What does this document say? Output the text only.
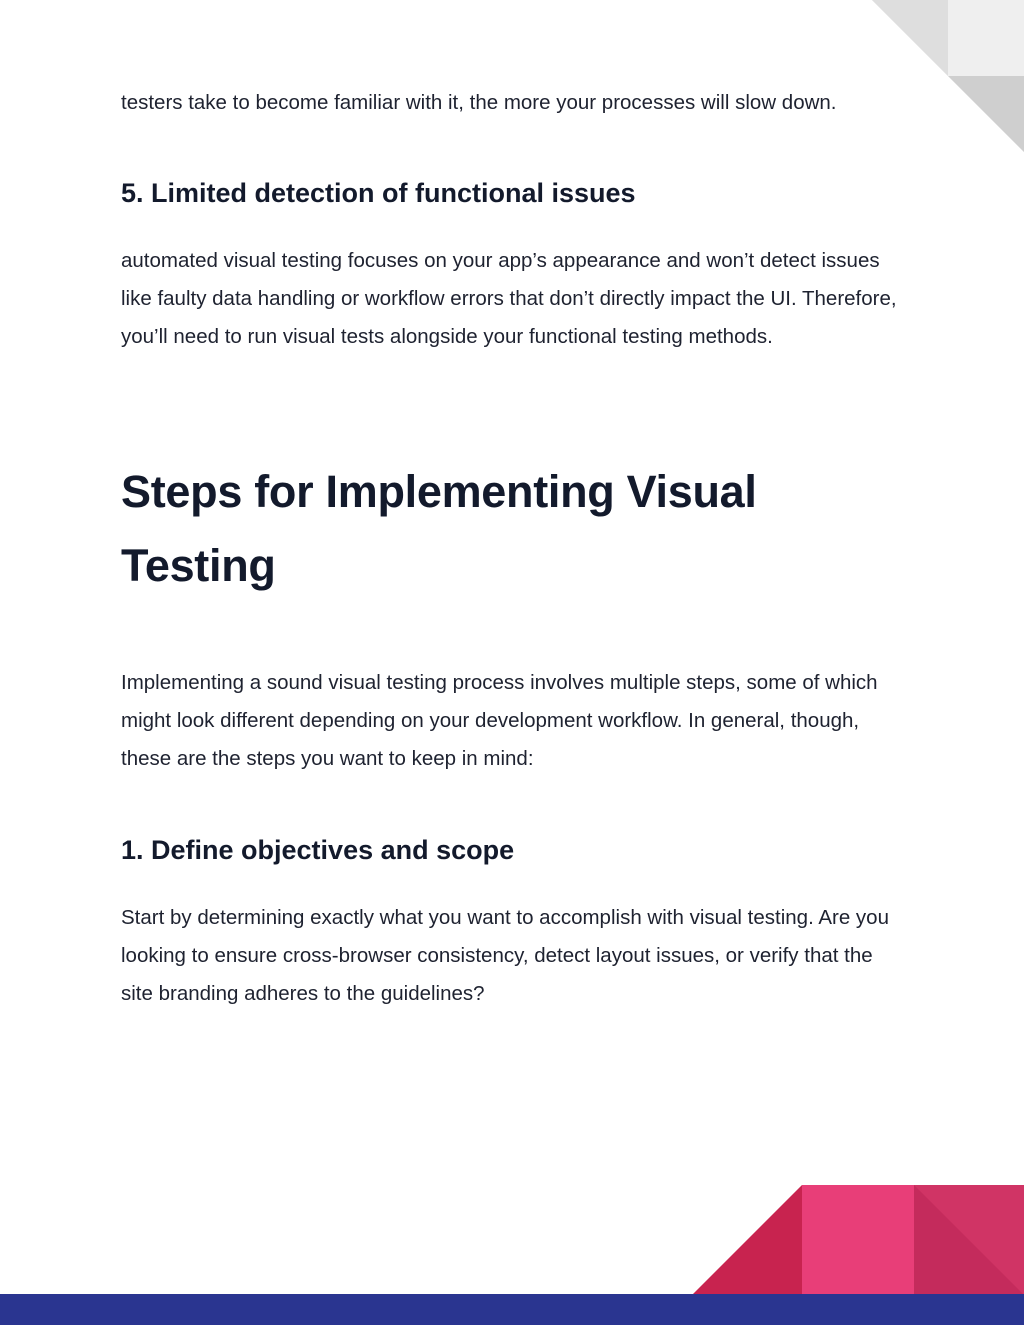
testers take to become familiar with it, the more your processes will slow down.

5. Limited detection of functional issues

automated visual testing focuses on your app’s appearance and won’t detect issues like faulty data handling or workflow errors that don’t directly impact the UI. Therefore, you’ll need to run visual tests alongside your functional testing methods.

Steps for Implementing Visual Testing

Implementing a sound visual testing process involves multiple steps, some of which might look different depending on your development workflow. In general, though, these are the steps you want to keep in mind:

1. Define objectives and scope

Start by determining exactly what you want to accomplish with visual testing. Are you looking to ensure cross-browser consistency, detect layout issues, or verify that the site branding adheres to the guidelines?
